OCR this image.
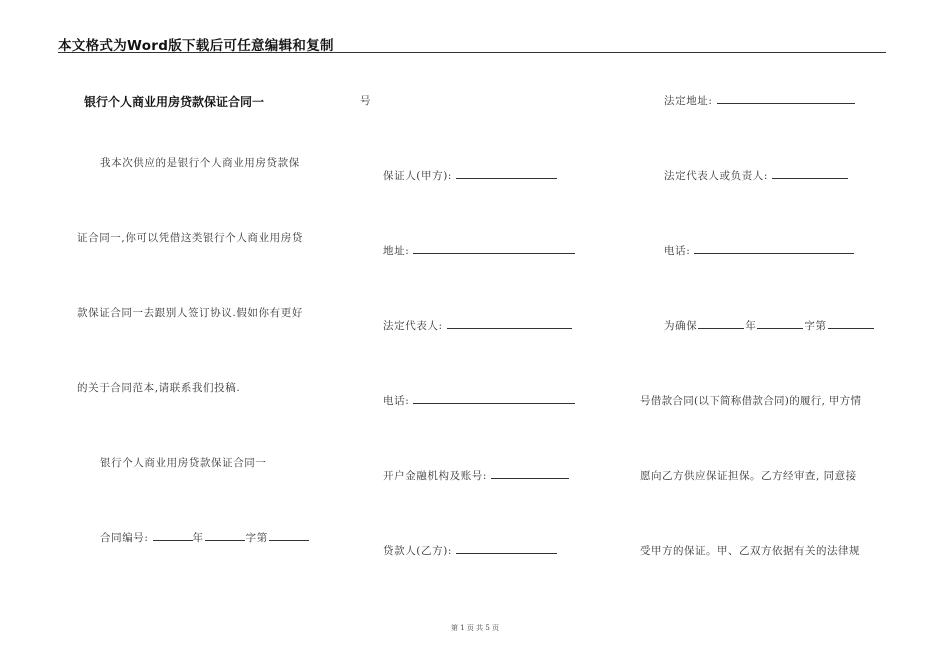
本文格式为Word版下载后可任意编辑和复制
银行个人商业用房贷款保证合同一
我本次供应的是银行个人商业用房贷款保
证合同一,你可以凭借这类银行个人商业用房贷
款保证合同一去跟别人签订协议.假如你有更好
的关于合同范本,请联系我们投稿.
银行个人商业用房贷款保证合同一
合同编号:	年	字第
号
保证人(甲方):
地址:
法定代表人:
电话:
开户金融机构及账号:
贷款人(乙方):
法定地址:
法定代表人或负责人:
电话:
为确保	年	字第
号借款合同(以下简称借款合同)的履行, 甲方情
愿向乙方供应保证担保。乙方经审查, 同意接
受甲方的保证。甲、乙双方依据有关的法律规
第 1 页 共 5 页
